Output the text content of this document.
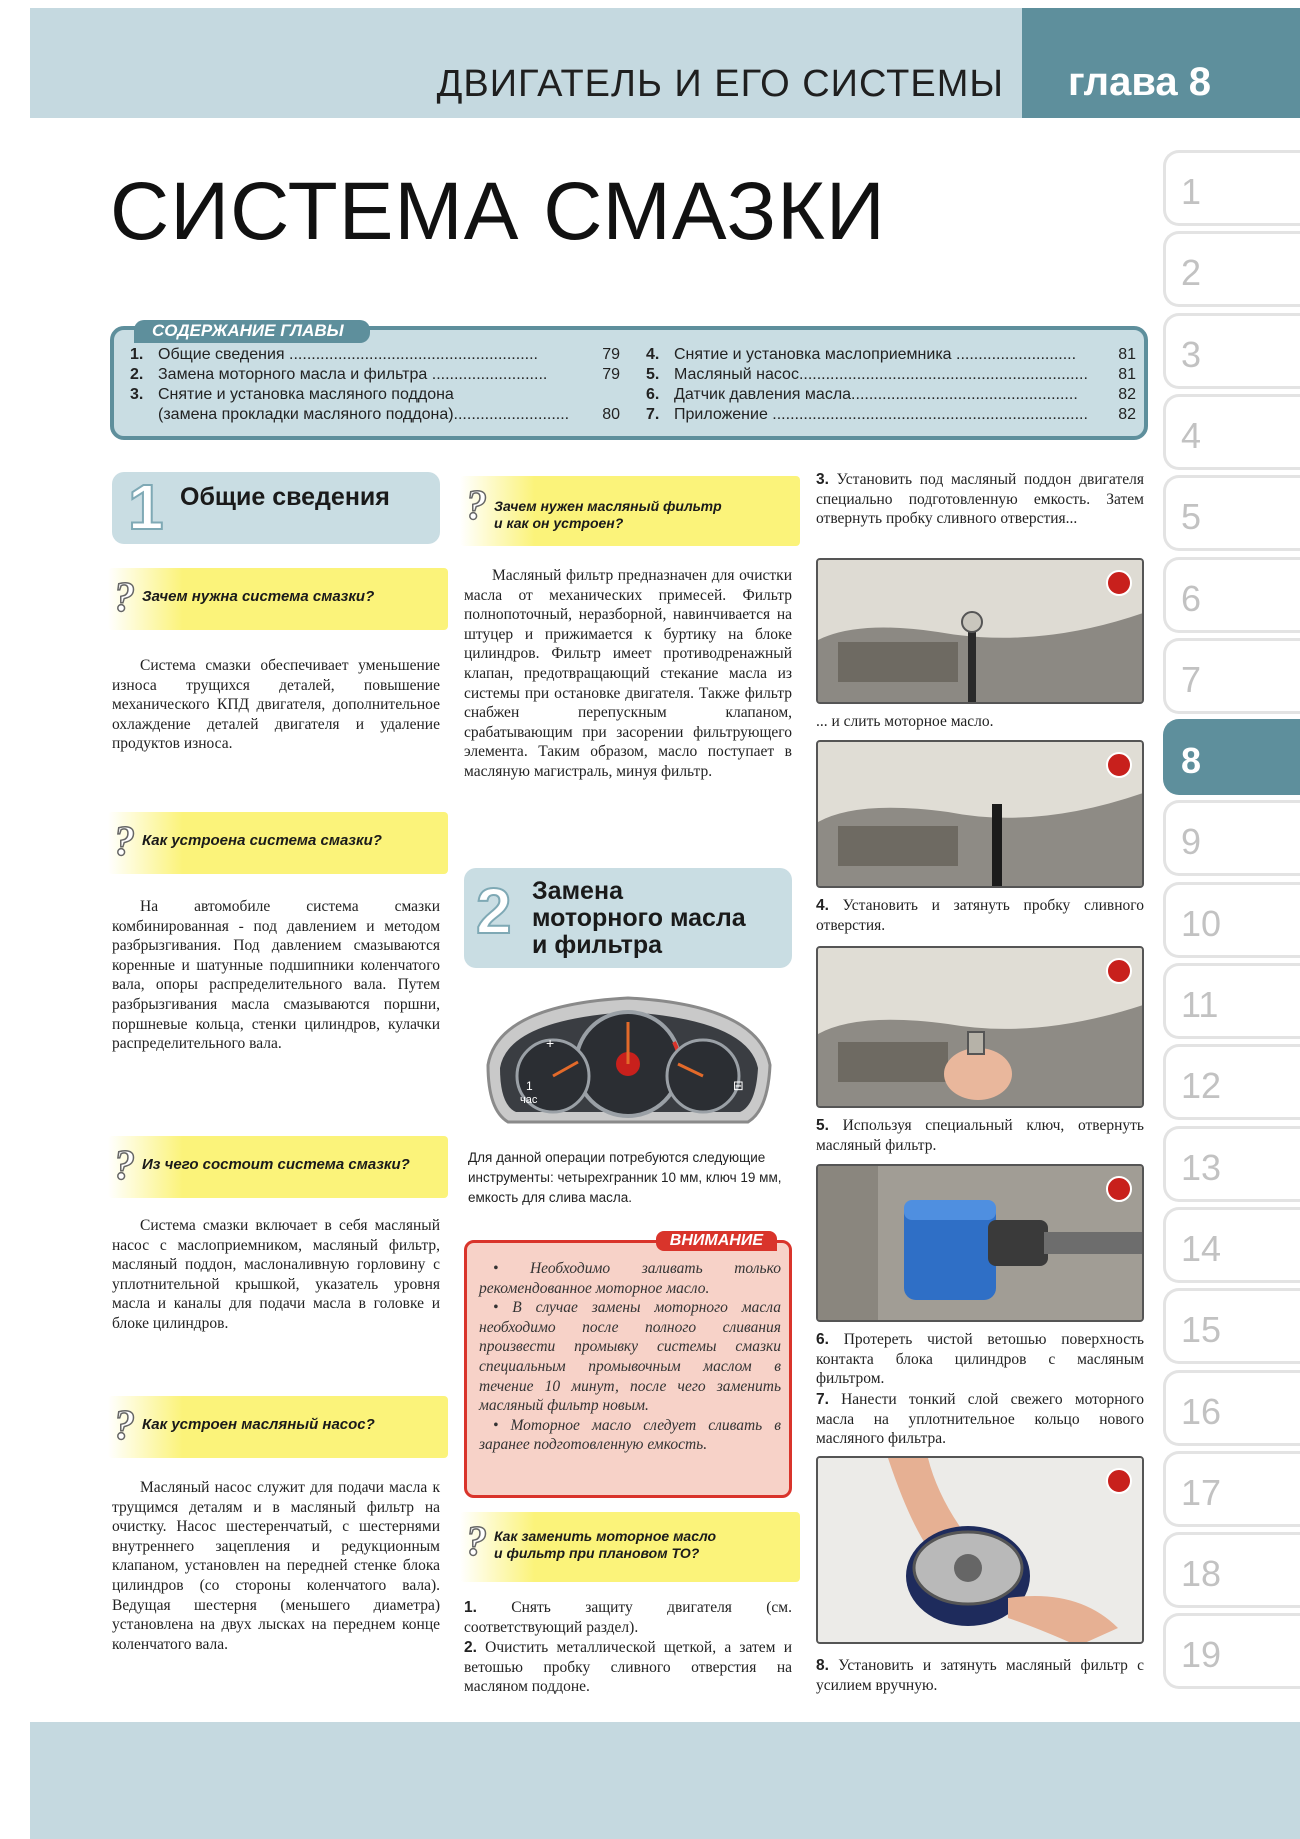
ДВИГАТЕЛЬ И ЕГО СИСТЕМЫ глава 8
СИСТЕМА СМАЗКИ	1
2
3
4
5
6
7
8
9
10
11
12
13
14
15
16
17
18
19
СОДЕРЖАНИЕ ГЛАВЫ
1. Общие сведения ........................................................	79
2. Замена моторного масла и фильтра ..........................	79
3. Снятие и установка масляного поддона
(замена прокладки масляного поддона)..........................	80
4. Снятие и установка маслоприемника ...........................	81
5. Масляный насос.................................................................	81
6. Датчик давления масла...................................................	82
7. Приложение .......................................................................	82
1 Общие сведения
? Зачем нужна система смазки?
Система смазки обеспечивает уменьшение износа трущихся деталей, повышение механического КПД двигателя, дополнительное охлаждение деталей двигателя и удаление продуктов износа.
? Как устроена система смазки?
На автомобиле система смазки комбинированная - под давлением и методом разбрызгивания. Под давлением смазываются коренные и шатунные подшипники коленчатого вала, опоры распределительного вала. Путем разбрызгивания масла смазываются поршни, поршневые кольца, стенки цилиндров, кулачки распределительного вала.
? Из чего состоит система смазки?
Система смазки включает в себя масляный насос с маслоприемником, масляный фильтр, масляный поддон, маслоналивную горловину с уплотнительной крышкой, указатель уровня масла и каналы для подачи масла в головке и блоке цилиндров.
? Как устроен масляный насос?
Масляный насос служит для подачи масла к трущимся деталям и в масляный фильтр на очистку. Насос шестеренчатый, с шестернями внутреннего зацепления и редукционным клапаном, установлен на передней стенке блока цилиндров (со стороны коленчатого вала). Ведущая шестерня (меньшего диаметра) установлена на двух лысках на переднем конце коленчатого вала.
? Зачем нужен масляный фильтр
и как он устроен?
Масляный фильтр предназначен для очистки масла от механических примесей. Фильтр полнопоточный, неразборной, навинчивается на штуцер и прижимается к буртику на блоке цилиндров. Фильтр имеет противодренажный клапан, предотвращающий стекание масла из системы при остановке двигателя. Также фильтр снабжен перепускным клапаном, срабатывающим при засорении фильтрующего элемента. Таким образом, масло поступает в масляную магистраль, минуя фильтр.
2 Замена
моторного масла
и фильтра
1
час
+
⊟
Для данной операции потребуются следующие инструменты: четырехгранник 10 мм, ключ 19 мм, емкость для слива масла.
ВНИМАНИЕ
• Необходимо заливать только рекомендованное моторное масло.
• В случае замены моторного масла необходимо после полного сливания произвести промывку системы смазки специальным промывочным маслом в течение 10 минут, после чего заменить масляный фильтр новым.
• Моторное масло следует сливать в заранее подготовленную емкость.
? Как заменить моторное масло
и фильтр при плановом ТО?
1. Снять защиту двигателя (см. соответствующий раздел).
2. Очистить металлической щеткой, а затем и ветошью пробку сливного отверстия на масляном поддоне.
3. Установить под масляный поддон двигателя специально подготовленную емкость. Затем отвернуть пробку сливного отверстия...
... и слить моторное масло.
4. Установить и затянуть пробку сливного отверстия.
5. Используя специальный ключ, отвернуть масляный фильтр.
6. Протереть чистой ветошью поверхность контакта блока цилиндров с масляным фильтром.
7. Нанести тонкий слой свежего моторного масла на уплотнительное кольцо нового масляного фильтра.
8. Установить и затянуть масляный фильтр с усилием вручную.
